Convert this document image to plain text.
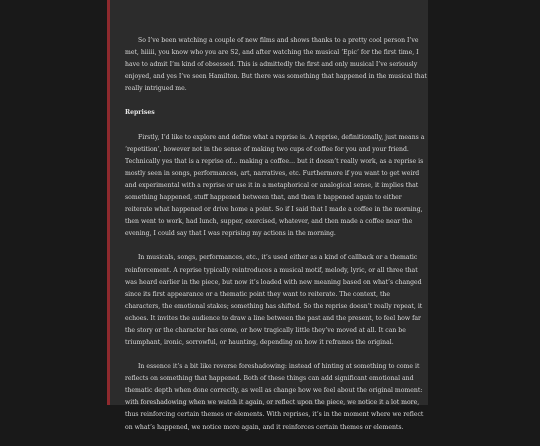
So I’ve been watching a couple of new films and shows thanks to a pretty cool person I’ve met, hiiiii, you know who you are S2, and after watching the musical ‘Epic’ for the first time, I have to admit I’m kind of obsessed. This is admittedly the first and only musical I’ve seriously enjoyed, and yes I’ve seen Hamilton. But there was something that happened in the musical that really intrigued me.

Reprises

Firstly, I’d like to explore and define what a reprise is. A reprise, definitionally, just means a ‘repetition’, however not in the sense of making two cups of coffee for you and your friend. Technically yes that is a reprise of… making a coffee… but it doesn’t really work, as a reprise is mostly seen in songs, performances, art, narratives, etc. Furthermore if you want to get weird and experimental with a reprise or use it in a metaphorical or analogical sense, it implies that something happened, stuff happened between that, and then it happened again to either reiterate what happened or drive home a point. So if I said that I made a coffee in the morning, then went to work, had lunch, supper, exercised, whatever, and then made a coffee near the evening, I could say that I was reprising my actions in the morning.

In musicals, songs, performances, etc., it’s used either as a kind of callback or a thematic reinforcement. A reprise typically reintroduces a musical motif, melody, lyric, or all three that was heard earlier in the piece, but now it’s loaded with new meaning based on what’s changed since its first appearance or a thematic point they want to reiterate. The context, the characters, the emotional stakes; something has shifted. So the reprise doesn’t really repeat, it echoes. It invites the audience to draw a line between the past and the present, to feel how far the story or the character has come, or how tragically little they’ve moved at all. It can be triumphant, ironic, sorrowful, or haunting, depending on how it reframes the original.

In essence it’s a bit like reverse foreshadowing: instead of hinting at something to come it reflects on something that happened. Both of these things can add significant emotional and thematic depth when done correctly, as well as change how we feel about the original moment: with foreshadowing when we watch it again, or reflect upon the piece, we notice it a lot more, thus reinforcing certain themes or elements. With reprises, it’s in the moment where we reflect on what’s happened, we notice more again, and it reinforces certain themes or elements.
